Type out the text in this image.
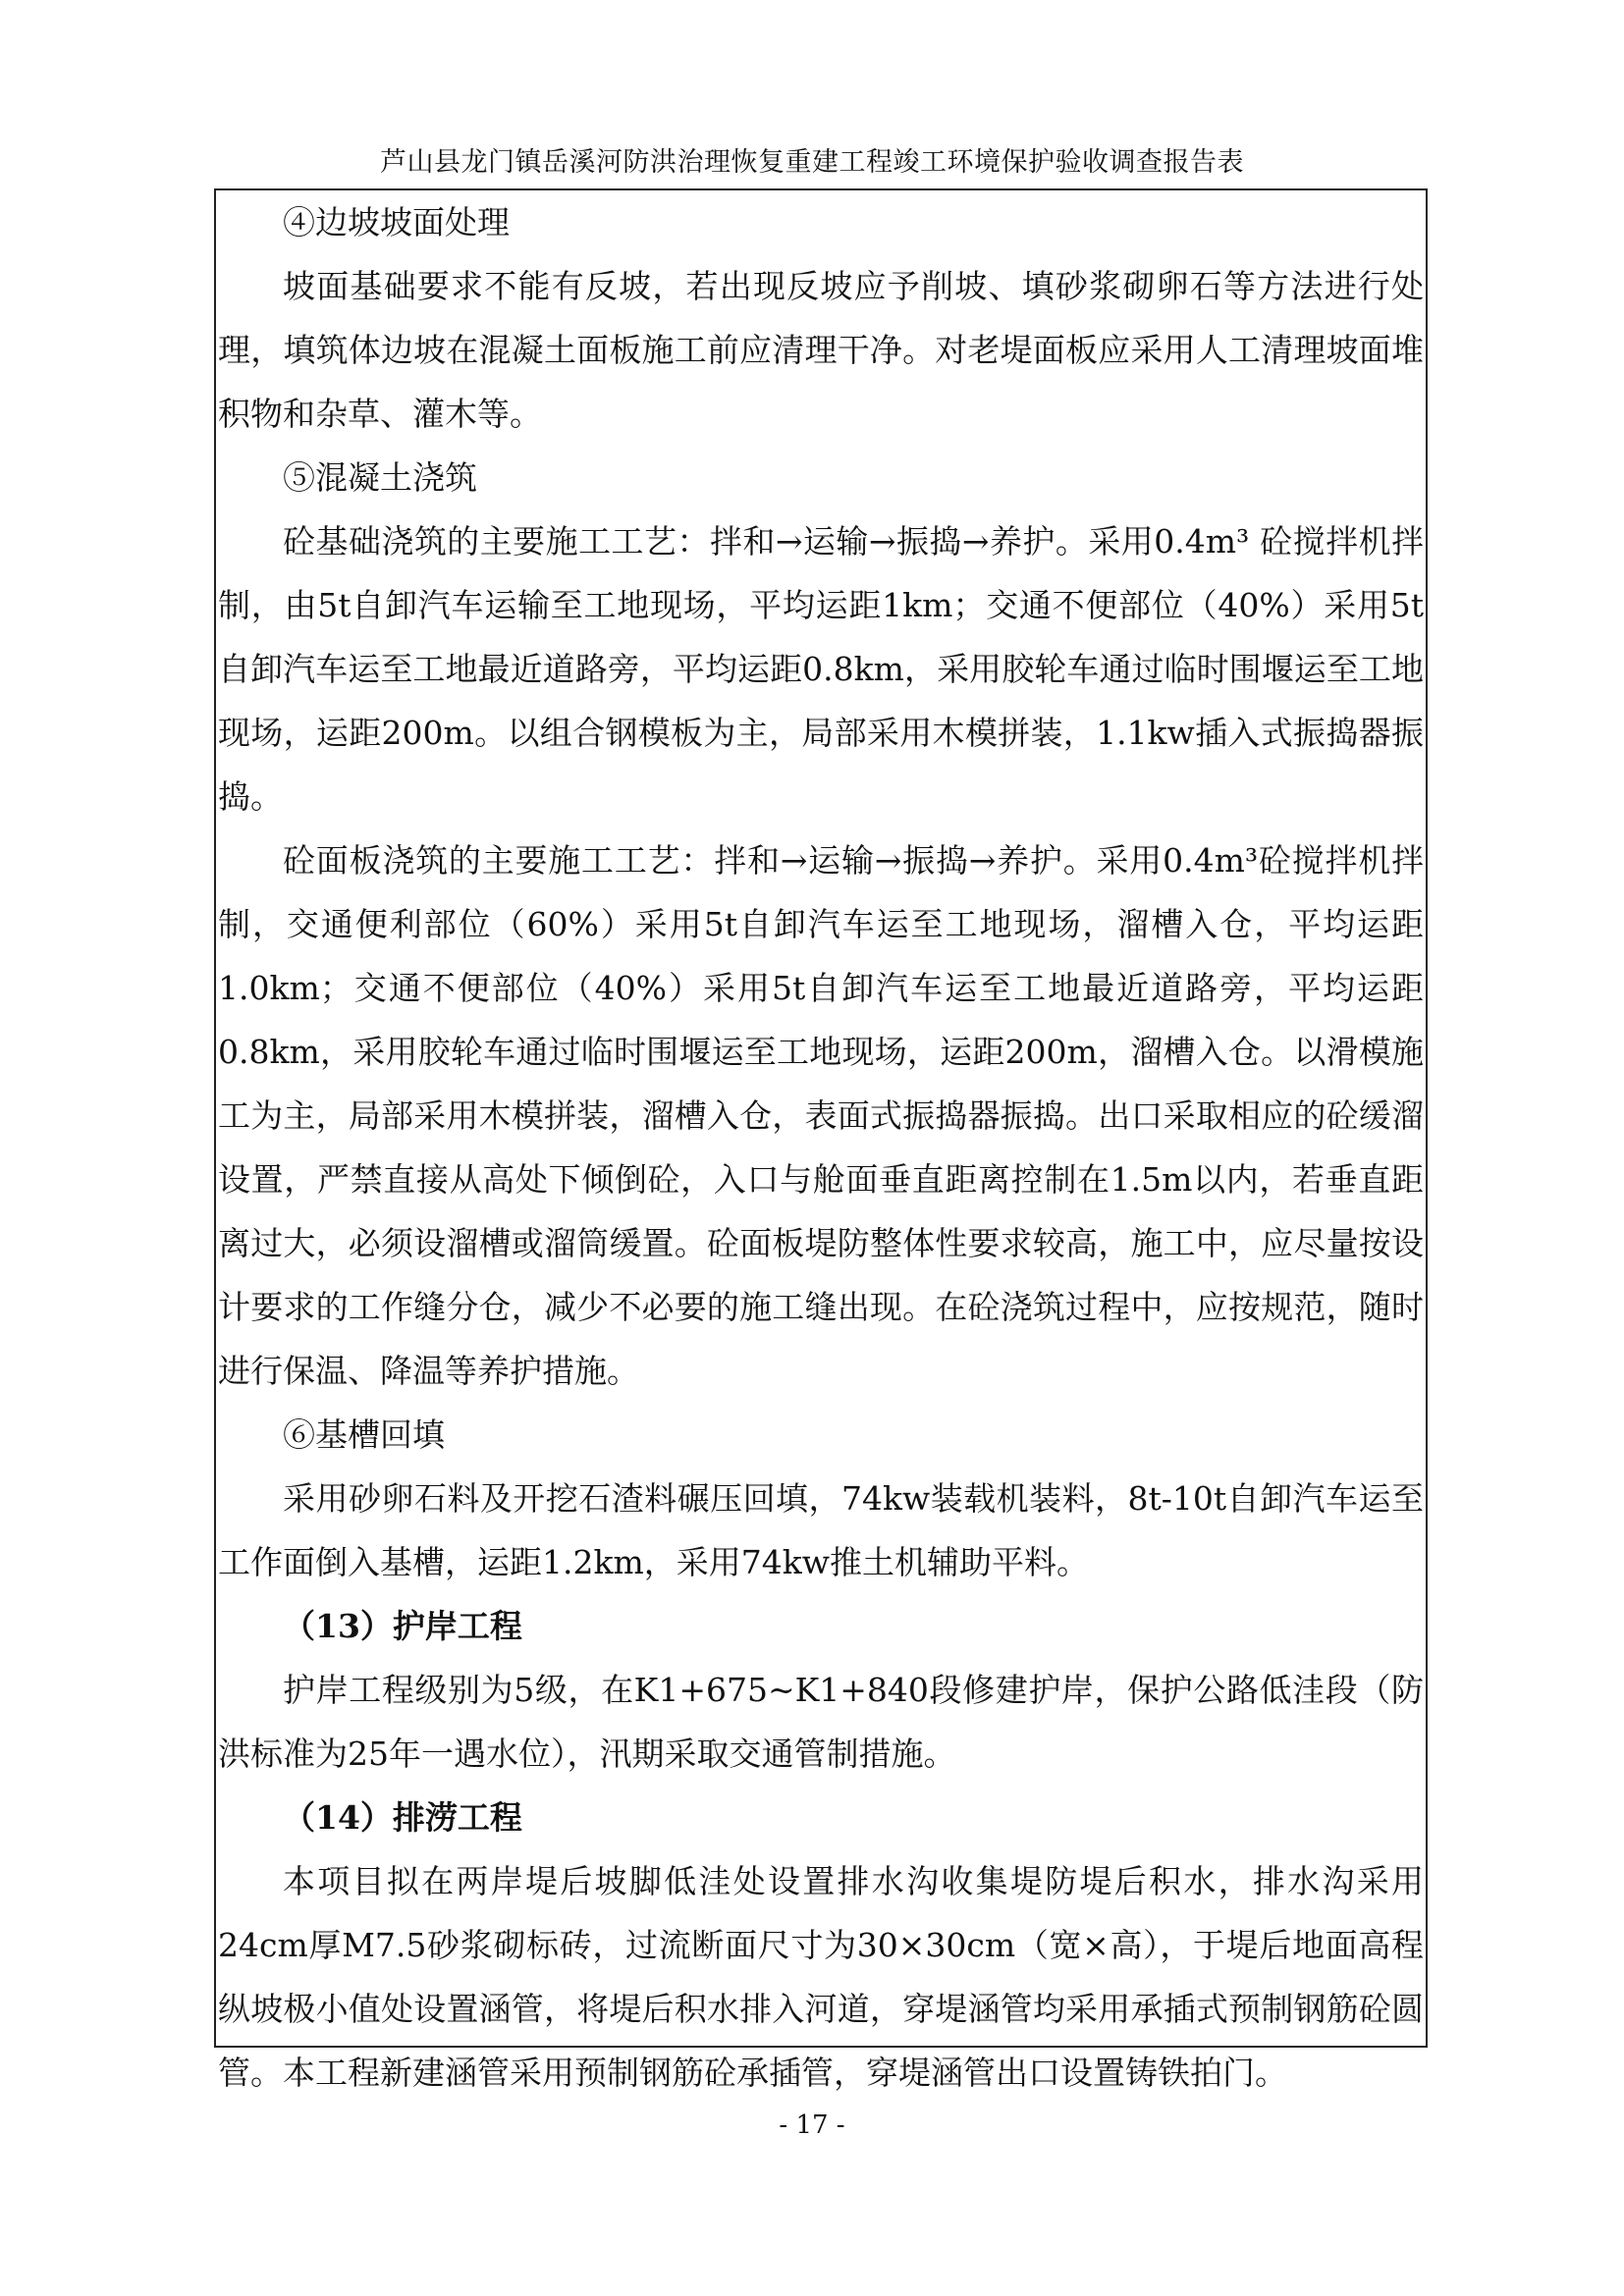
芦山县龙门镇岳溪河防洪治理恢复重建工程竣工环境保护验收调查报告表

④边坡坡面处理

坡面基础要求不能有反坡，若出现反坡应予削坡、填砂浆砌卵石等方法进行处理，填筑体边坡在混凝土面板施工前应清理干净。对老堤面板应采用人工清理坡面堆积物和杂草、灌木等。

⑤混凝土浇筑

砼基础浇筑的主要施工工艺：拌和→运输→振捣→养护。采用0.4m³ 砼搅拌机拌制，由5t自卸汽车运输至工地现场，平均运距1km；交通不便部位（40%）采用5t自卸汽车运至工地最近道路旁，平均运距0.8km，采用胶轮车通过临时围堰运至工地现场，运距200m。以组合钢模板为主，局部采用木模拼装，1.1kw插入式振捣器振捣。

砼面板浇筑的主要施工工艺：拌和→运输→振捣→养护。采用0.4m³砼搅拌机拌制，交通便利部位（60%）采用5t自卸汽车运至工地现场，溜槽入仓，平均运距1.0km；交通不便部位（40%）采用5t自卸汽车运至工地最近道路旁，平均运距0.8km，采用胶轮车通过临时围堰运至工地现场，运距200m，溜槽入仓。以滑模施工为主，局部采用木模拼装，溜槽入仓，表面式振捣器振捣。出口采取相应的砼缓溜设置，严禁直接从高处下倾倒砼，入口与舱面垂直距离控制在1.5m以内，若垂直距离过大，必须设溜槽或溜筒缓置。砼面板堤防整体性要求较高，施工中，应尽量按设计要求的工作缝分仓，减少不必要的施工缝出现。在砼浇筑过程中，应按规范，随时进行保温、降温等养护措施。

⑥基槽回填

采用砂卵石料及开挖石渣料碾压回填，74kw装载机装料，8t-10t自卸汽车运至工作面倒入基槽，运距1.2km，采用74kw推土机辅助平料。

（13）护岸工程

护岸工程级别为5级，在K1+675~K1+840段修建护岸，保护公路低洼段（防洪标准为25年一遇水位），汛期采取交通管制措施。

（14）排涝工程

本项目拟在两岸堤后坡脚低洼处设置排水沟收集堤防堤后积水，排水沟采用24cm厚M7.5砂浆砌标砖，过流断面尺寸为30×30cm（宽×高），于堤后地面高程纵坡极小值处设置涵管，将堤后积水排入河道，穿堤涵管均采用承插式预制钢筋砼圆管。本工程新建涵管采用预制钢筋砼承插管，穿堤涵管出口设置铸铁拍门。

- 17 -
